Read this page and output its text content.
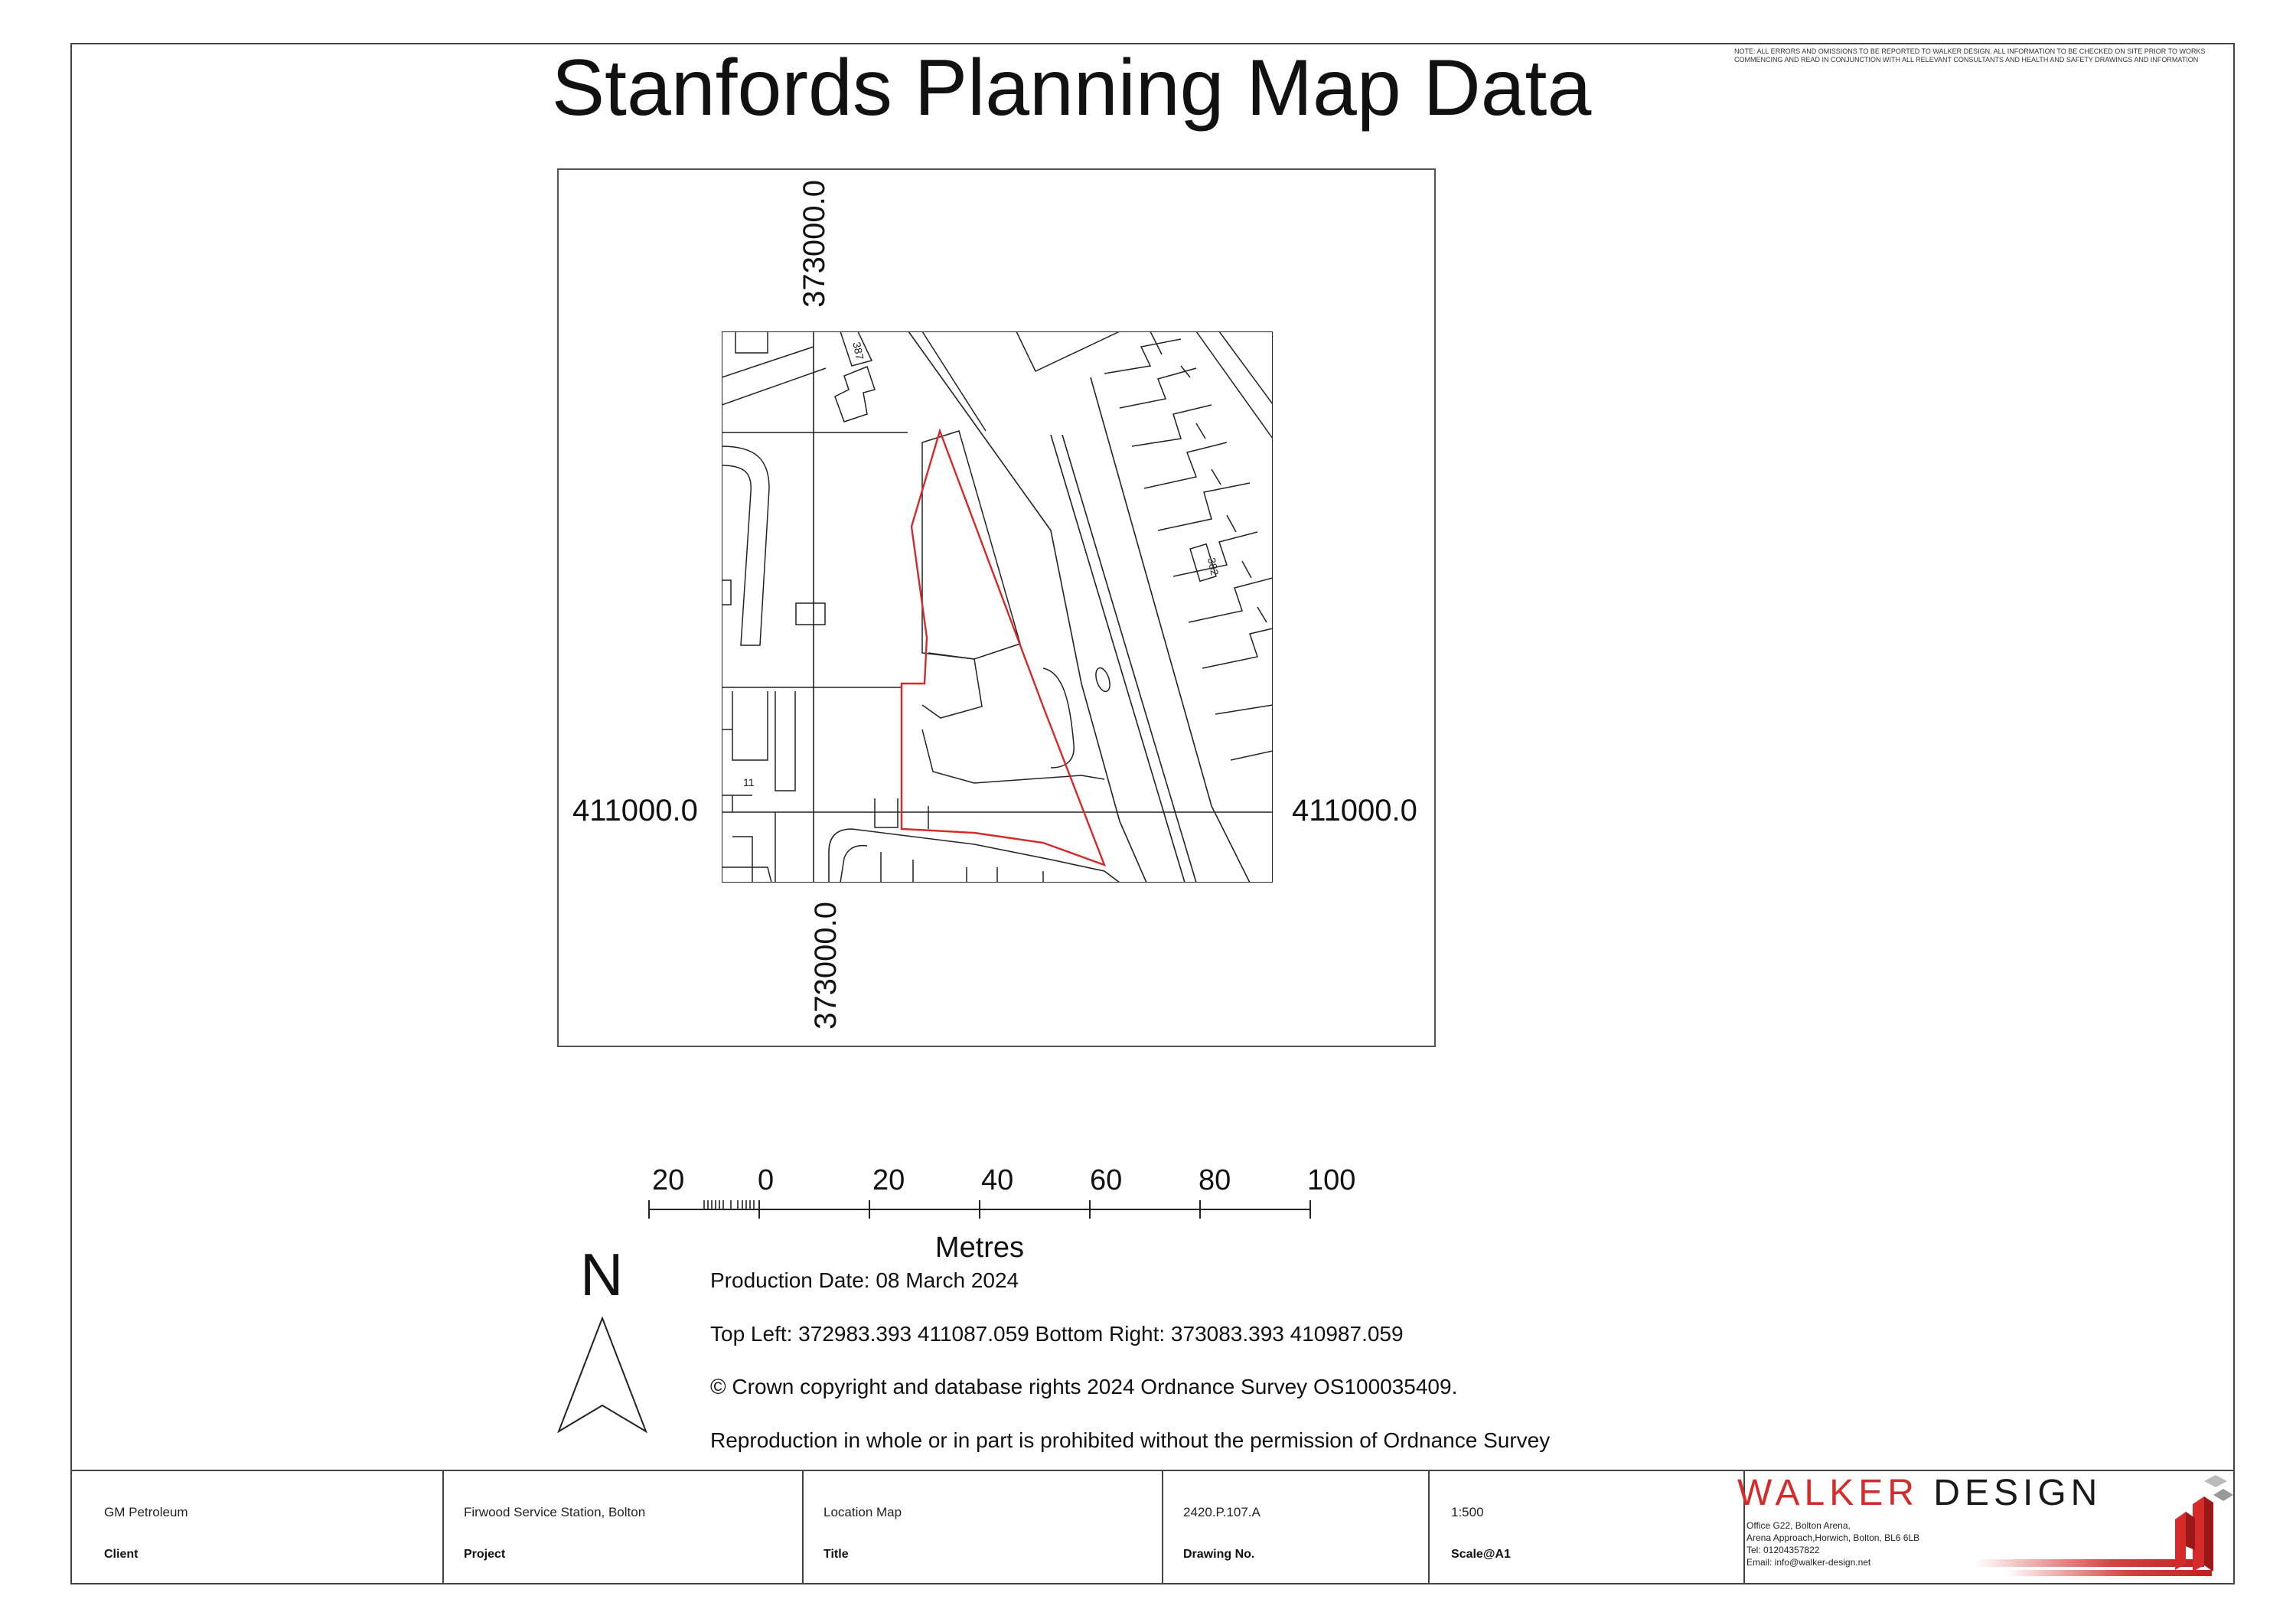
Stanfords Planning Map Data	NOTE: ALL ERRORS AND OMISSIONS TO BE REPORTED TO WALKER DESIGN. ALL INFORMATION TO BE CHECKED ON SITE PRIOR TO WORKS COMMENCING AND READ IN CONJUNCTION WITH ALL RELEVANT CONSULTANTS AND HEALTH AND SAFETY DRAWINGS AND INFORMATION
373000.0
373000.0
411000.0	411000.0
382
387
11
20	0	20	40	60	80	100
Metres
N	Production Date: 08 March 2024
Top Left: 372983.393 411087.059 Bottom Right: 373083.393 410987.059
© Crown copyright and database rights 2024 Ordnance Survey OS100035409.
Reproduction in whole or in part is prohibited without the permission of Ordnance Survey
GM Petroleum
Client
Firwood Service Station, Bolton
Project
Location Map
Title
2420.P.107.A
Drawing No.
1:500
Scale@A1
WALKER DESIGN
Office G22, Bolton Arena,
Arena Approach,Horwich, Bolton, BL6 6LB
Tel: 01204357822
Email: info@walker-design.net
